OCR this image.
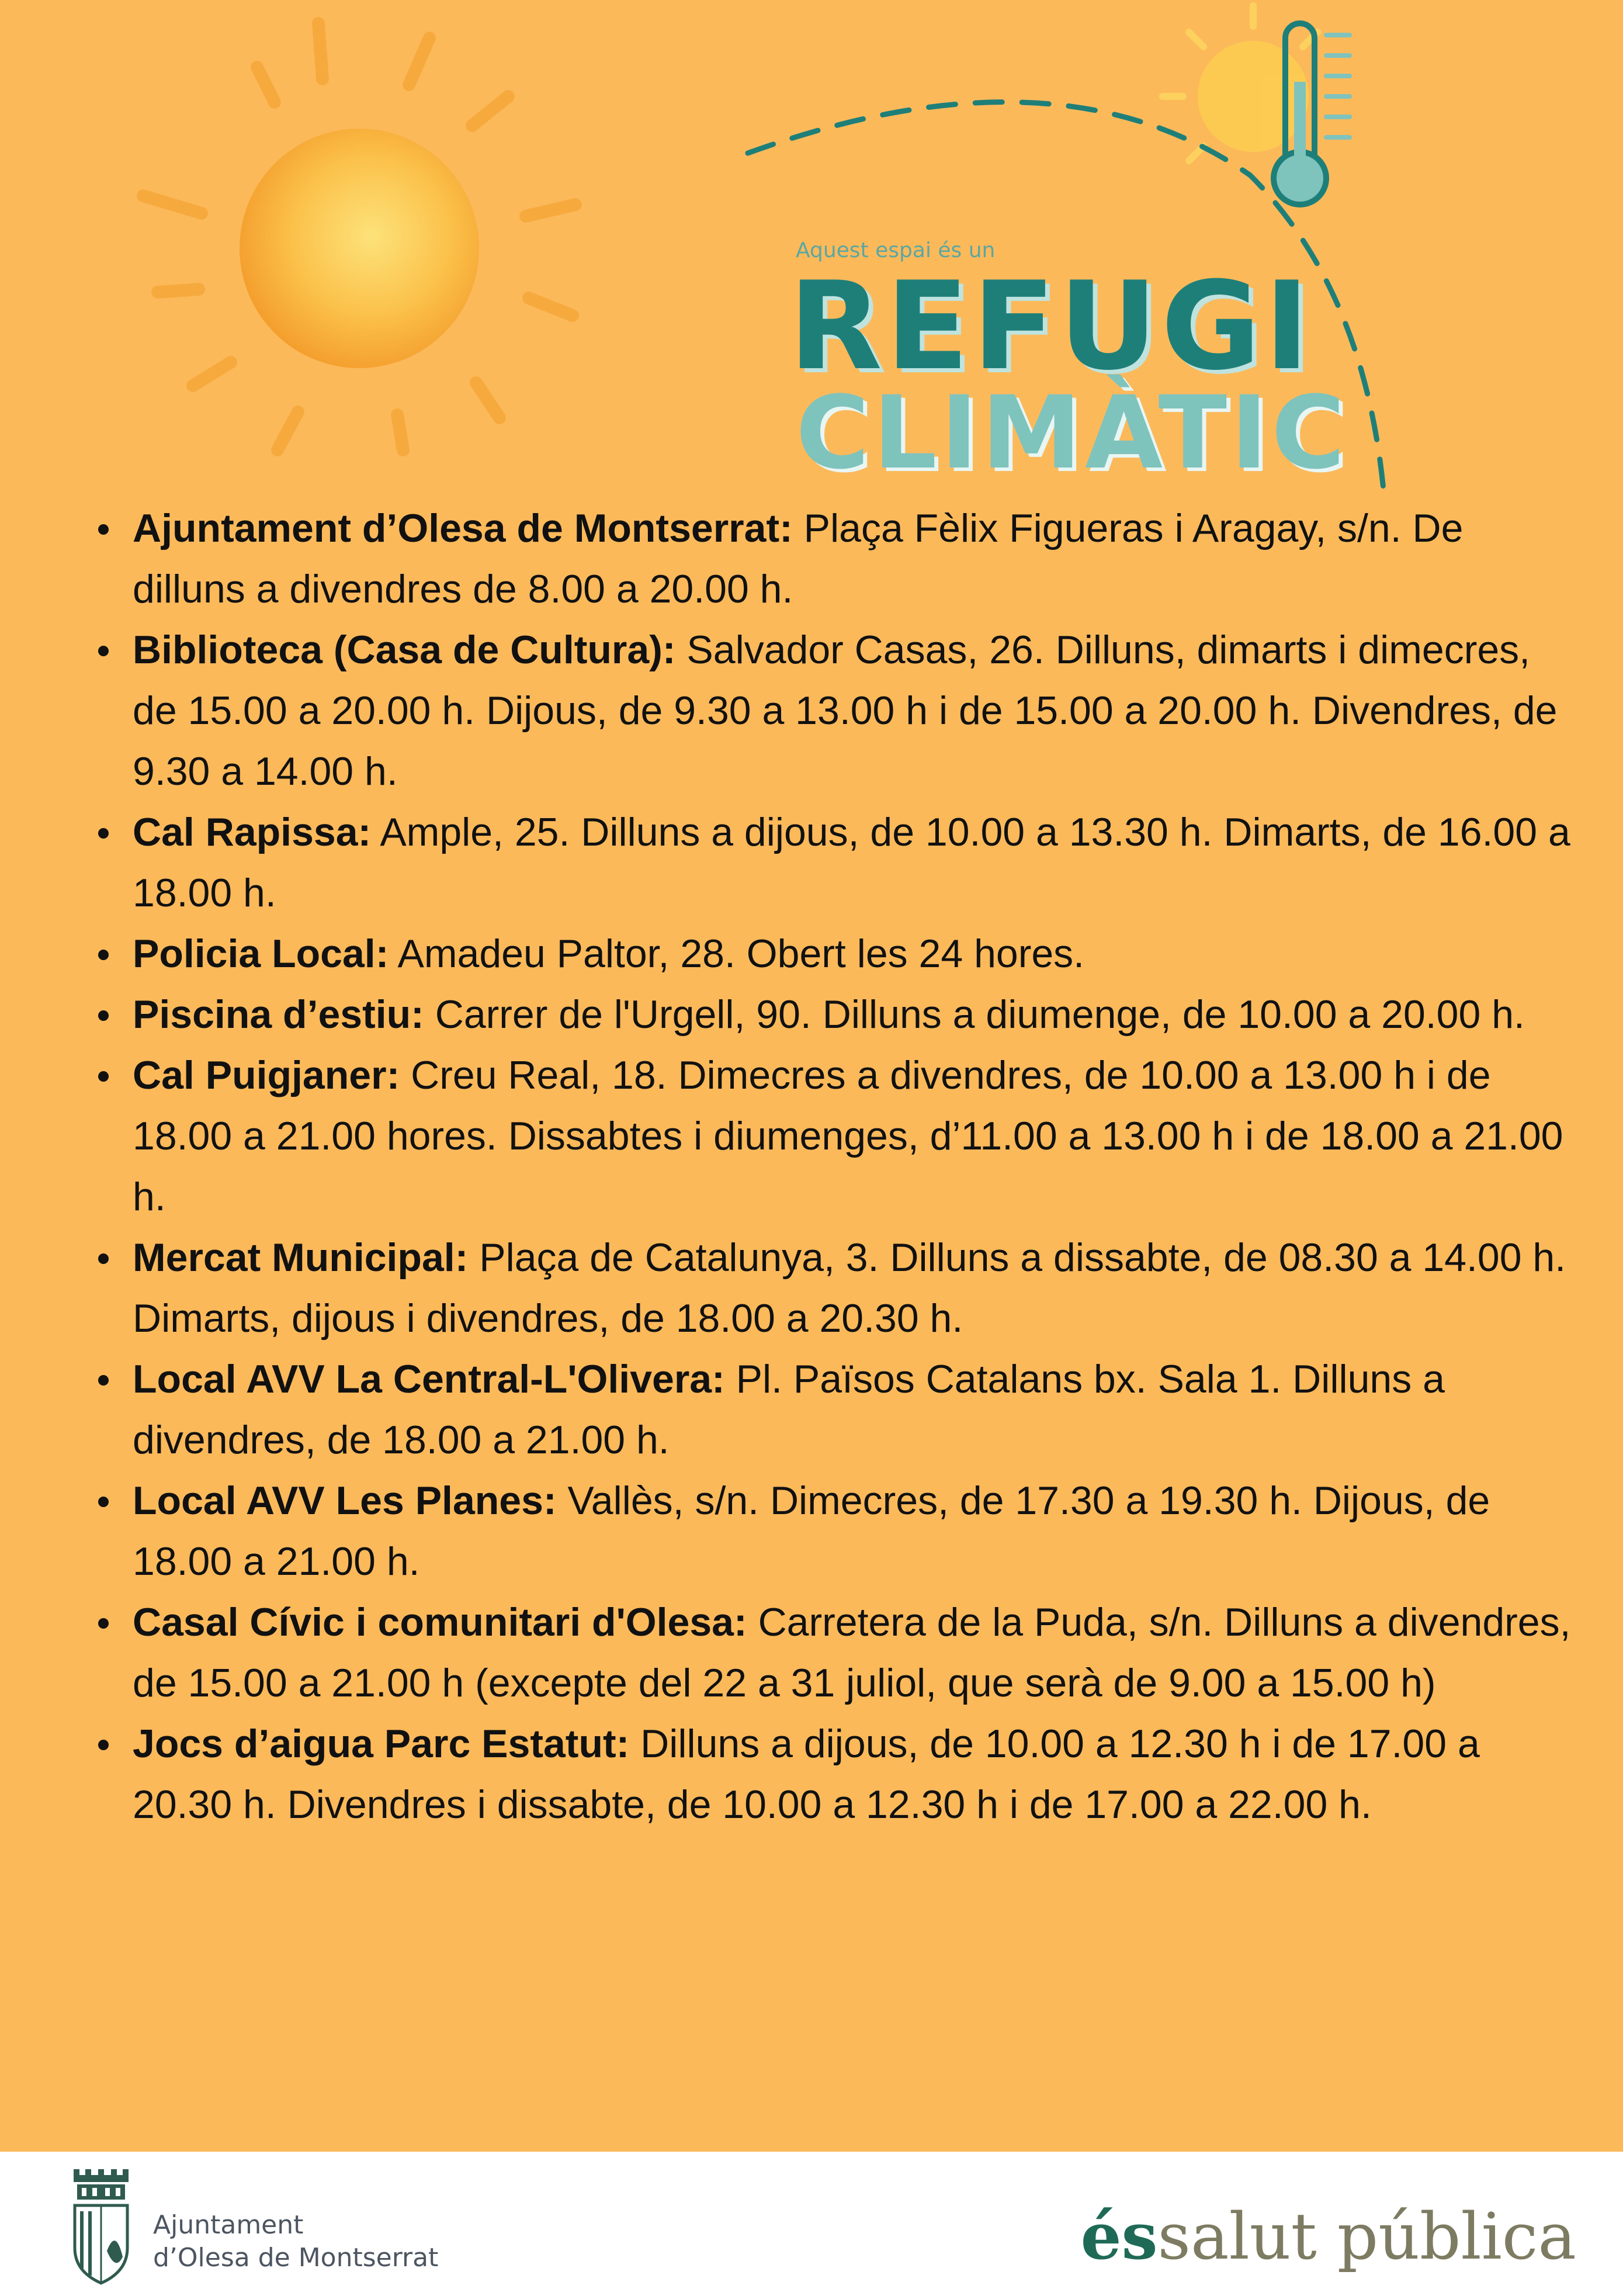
Aquest espai és un
REFUGI
CLIMÀTIC
Ajuntament d’Olesa de Montserrat: Plaça Fèlix Figueras i Aragay, s/n. De dilluns a divendres de 8.00 a 20.00 h.
Biblioteca (Casa de Cultura): Salvador Casas, 26. Dilluns, dimarts i dimecres, de 15.00 a 20.00 h. Dijous, de 9.30 a 13.00 h i de 15.00 a 20.00 h. Divendres, de 9.30 a 14.00 h.
Cal Rapissa: Ample, 25. Dilluns a dijous, de 10.00 a 13.30 h. Dimarts, de 16.00 a 18.00 h.
Policia Local: Amadeu Paltor, 28. Obert les 24 hores.
Piscina d’estiu: Carrer de l'Urgell, 90. Dilluns a diumenge, de 10.00 a 20.00 h.
Cal Puigjaner: Creu Real, 18. Dimecres a divendres, de 10.00 a 13.00 h i de 18.00 a 21.00 hores. Dissabtes i diumenges, d’11.00 a 13.00 h i de 18.00 a 21.00 h.
Mercat Municipal: Plaça de Catalunya, 3. Dilluns a dissabte, de 08.30 a 14.00 h. Dimarts, dijous i divendres, de 18.00 a 20.30 h.
Local AVV La Central-L'Olivera: Pl. Països Catalans bx. Sala 1. Dilluns a divendres, de 18.00 a 21.00 h.
Local AVV Les Planes: Vallès, s/n. Dimecres, de 17.30 a 19.30 h. Dijous, de 18.00 a 21.00 h.
Casal Cívic i comunitari d'Olesa: Carretera de la Puda, s/n. Dilluns a divendres, de 15.00 a 21.00 h (excepte del 22 a 31 juliol, que serà de 9.00 a 15.00 h)
Jocs d’aigua Parc Estatut: Dilluns a dijous, de 10.00 a 12.30 h i de 17.00 a 20.30 h. Divendres i dissabte, de 10.00 a 12.30 h i de 17.00 a 22.00 h.
Ajuntament
d’Olesa de Montserrat	éssalut pública
